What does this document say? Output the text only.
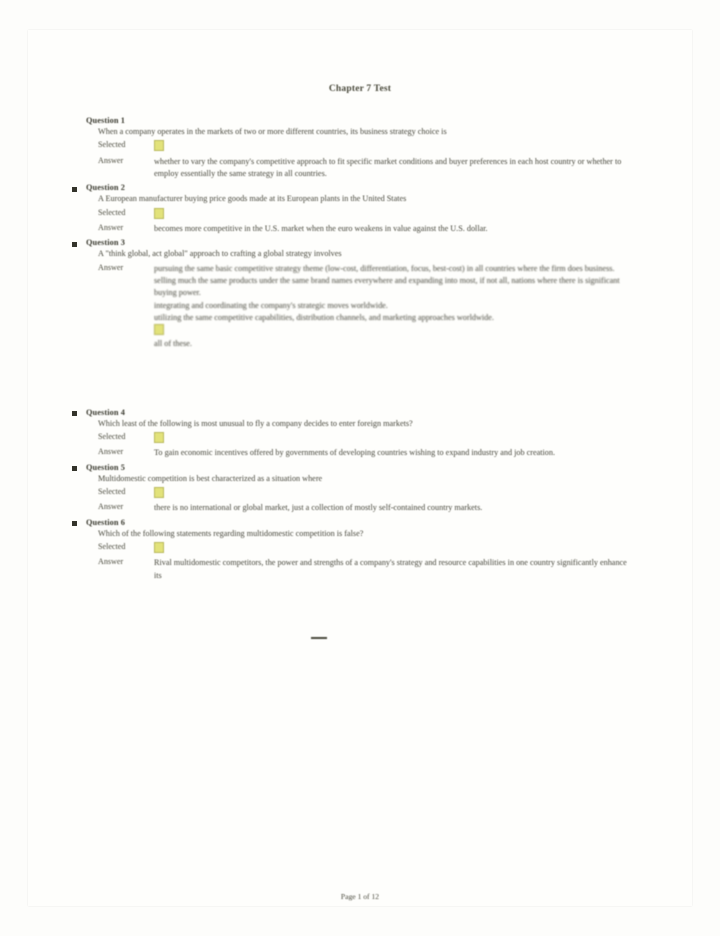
Chapter 7 Test
Question 1
When a company operates in the markets of two or more different countries, its business strategy choice is
Selected
Answer	whether to vary the company's competitive approach to fit specific market conditions and buyer preferences in each host country or whether to employ essentially the same strategy in all countries.
Question 2
A European manufacturer buying price goods made at its European plants in the United States
Selected
Answer	becomes more competitive in the U.S. market when the euro weakens in value against the U.S. dollar.
Question 3
A "think global, act global" approach to crafting a global strategy involves
Answer	pursuing the same basic competitive strategy theme (low-cost, differentiation, focus, best-cost) in all countries where the firm does business.
selling much the same products under the same brand names everywhere and expanding into most, if not all, nations where there is significant buying power.
integrating and coordinating the company's strategic moves worldwide.
utilizing the same competitive capabilities, distribution channels, and marketing approaches worldwide.
all of these.
Question 4
Which least of the following is most unusual to fly a company decides to enter foreign markets?
Selected
Answer	To gain economic incentives offered by governments of developing countries wishing to expand industry and job creation.
Question 5
Multidomestic competition is best characterized as a situation where
Selected
Answer	there is no international or global market, just a collection of mostly self-contained country markets.
Question 6
Which of the following statements regarding multidomestic competition is false?
Selected
Answer	Rival multidomestic competitors, the power and strengths of a company's strategy and resource capabilities in one country significantly enhance its
Page 1 of 12
